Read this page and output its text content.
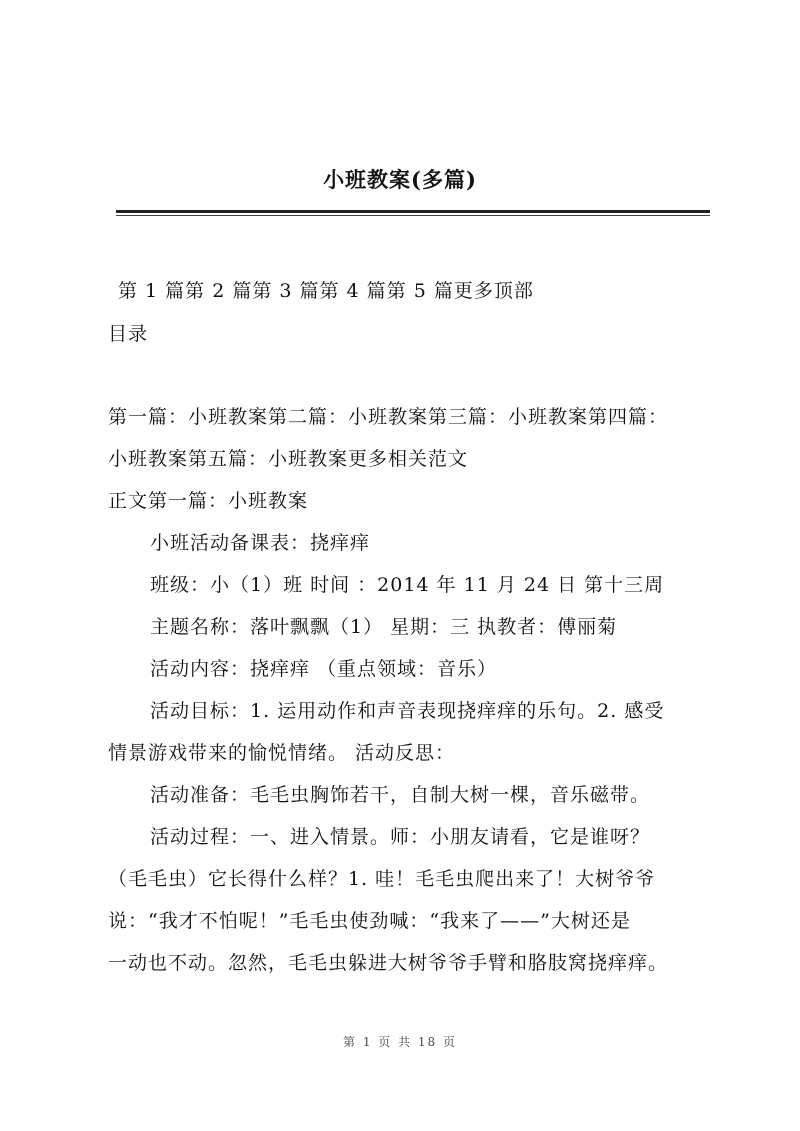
小班教案(多篇)
第 1 篇第 2 篇第 3 篇第 4 篇第 5 篇更多顶部
目录
第一篇：小班教案第二篇：小班教案第三篇：小班教案第四篇：
小班教案第五篇：小班教案更多相关范文
正文第一篇：小班教案
小班活动备课表：挠痒痒
班级：小（1）班 时间 ：2014 年 11 月 24 日 第十三周
主题名称：落叶飘飘（1） 星期：三 执教者：傅丽菊
活动内容：挠痒痒 （重点领域：音乐）
活动目标：1. 运用动作和声音表现挠痒痒的乐句。2. 感受
情景游戏带来的愉悦情绪。 活动反思：
活动准备：毛毛虫胸饰若干，自制大树一棵，音乐磁带。
活动过程：一、进入情景。师：小朋友请看，它是谁呀？
（毛毛虫）它长得什么样？1. 哇！毛毛虫爬出来了！大树爷爷
说：“我才不怕呢！”毛毛虫使劲喊：“我来了——”大树还是
一动也不动。忽然，毛毛虫躲进大树爷爷手臂和胳肢窝挠痒痒。
第 1 页 共 18 页
